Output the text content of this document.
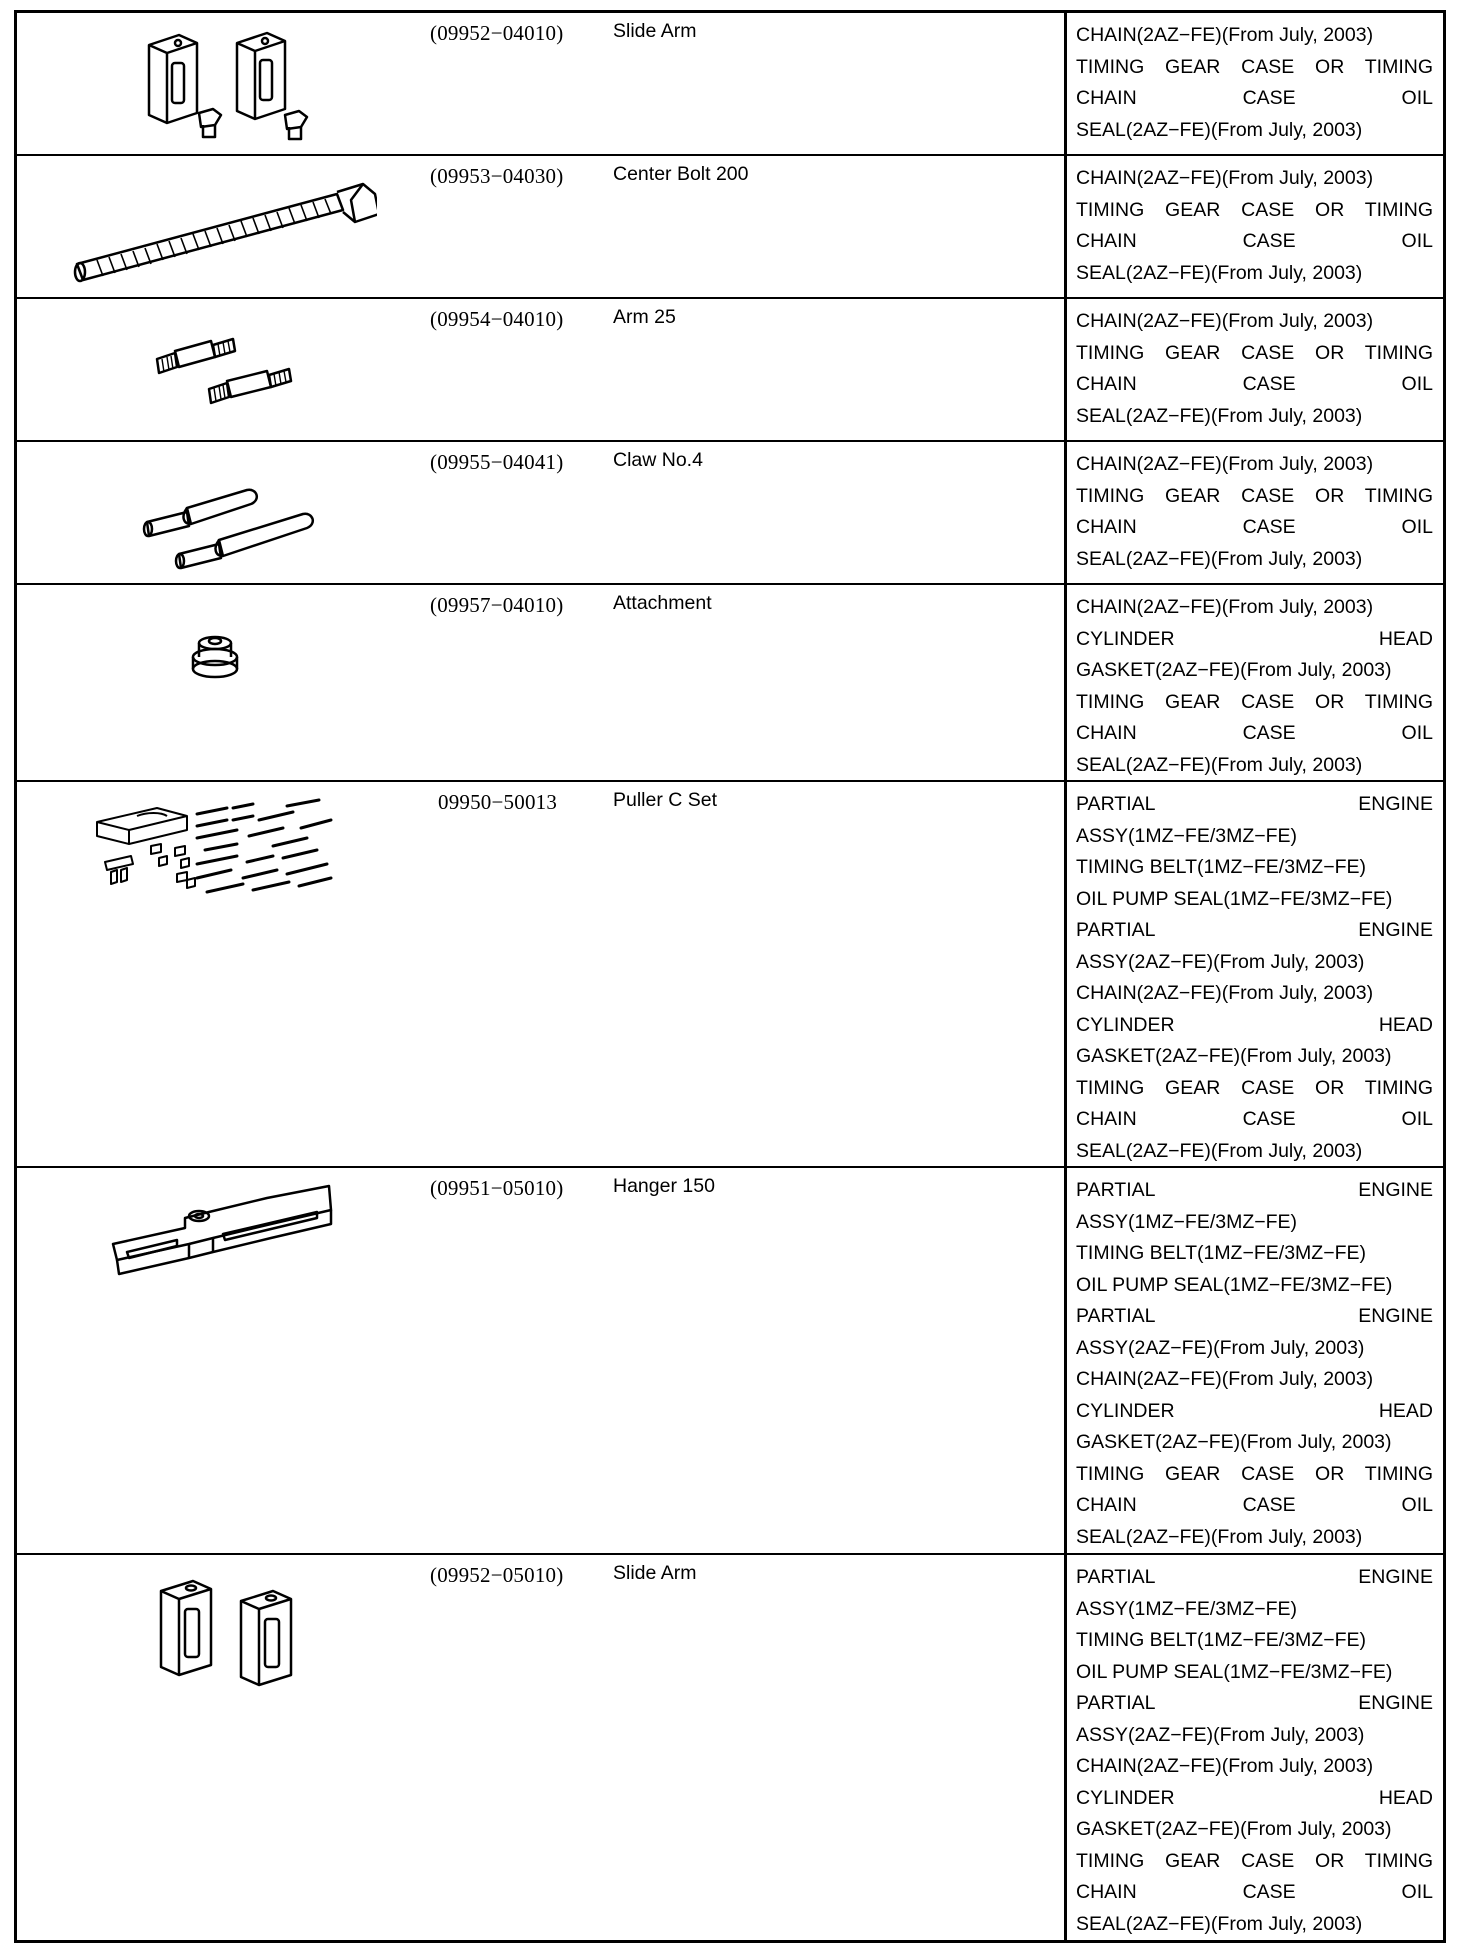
(09952−04010)	Slide Arm	CHAIN(2AZ−FE)(From July, 2003)
TIMING GEAR CASE OR TIMING
CHAIN CASE OIL
SEAL(2AZ−FE)(From July, 2003)
(09953−04030)	Center Bolt 200	CHAIN(2AZ−FE)(From July, 2003)
TIMING GEAR CASE OR TIMING
CHAIN CASE OIL
SEAL(2AZ−FE)(From July, 2003)
(09954−04010)	Arm 25	CHAIN(2AZ−FE)(From July, 2003)
TIMING GEAR CASE OR TIMING
CHAIN CASE OIL
SEAL(2AZ−FE)(From July, 2003)
(09955−04041)	Claw No.4	CHAIN(2AZ−FE)(From July, 2003)
TIMING GEAR CASE OR TIMING
CHAIN CASE OIL
SEAL(2AZ−FE)(From July, 2003)
(09957−04010)	Attachment	CHAIN(2AZ−FE)(From July, 2003)
CYLINDER HEAD
GASKET(2AZ−FE)(From July, 2003)
TIMING GEAR CASE OR TIMING
CHAIN CASE OIL
SEAL(2AZ−FE)(From July, 2003)
09950−50013	Puller C Set	PARTIAL ENGINE
ASSY(1MZ−FE/3MZ−FE)
TIMING BELT(1MZ−FE/3MZ−FE)
OIL PUMP SEAL(1MZ−FE/3MZ−FE)
PARTIAL ENGINE
ASSY(2AZ−FE)(From July, 2003)
CHAIN(2AZ−FE)(From July, 2003)
CYLINDER HEAD
GASKET(2AZ−FE)(From July, 2003)
TIMING GEAR CASE OR TIMING
CHAIN CASE OIL
SEAL(2AZ−FE)(From July, 2003)
(09951−05010)	Hanger 150	PARTIAL ENGINE
ASSY(1MZ−FE/3MZ−FE)
TIMING BELT(1MZ−FE/3MZ−FE)
OIL PUMP SEAL(1MZ−FE/3MZ−FE)
PARTIAL ENGINE
ASSY(2AZ−FE)(From July, 2003)
CHAIN(2AZ−FE)(From July, 2003)
CYLINDER HEAD
GASKET(2AZ−FE)(From July, 2003)
TIMING GEAR CASE OR TIMING
CHAIN CASE OIL
SEAL(2AZ−FE)(From July, 2003)
(09952−05010)	Slide Arm	PARTIAL ENGINE
ASSY(1MZ−FE/3MZ−FE)
TIMING BELT(1MZ−FE/3MZ−FE)
OIL PUMP SEAL(1MZ−FE/3MZ−FE)
PARTIAL ENGINE
ASSY(2AZ−FE)(From July, 2003)
CHAIN(2AZ−FE)(From July, 2003)
CYLINDER HEAD
GASKET(2AZ−FE)(From July, 2003)
TIMING GEAR CASE OR TIMING
CHAIN CASE OIL
SEAL(2AZ−FE)(From July, 2003)
